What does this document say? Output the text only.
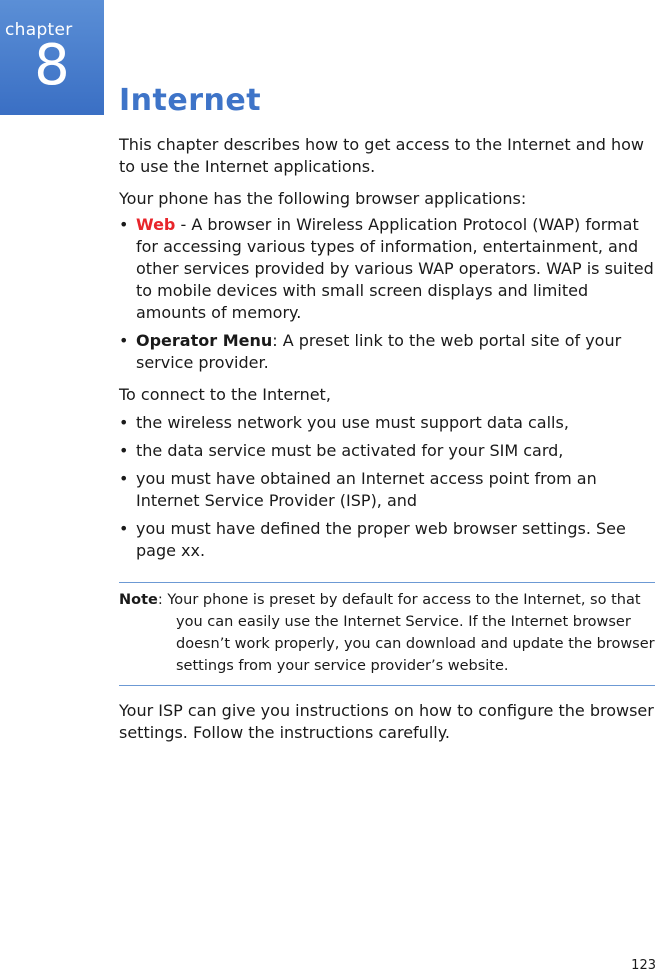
chapter
8
Internet

This chapter describes how to get access to the Internet and how to use the Internet applications.

Your phone has the following browser applications:

• Web - A browser in Wireless Application Protocol (WAP) format for accessing various types of information, entertainment, and other services provided by various WAP operators. WAP is suited to mobile devices with small screen displays and limited amounts of memory.
• Operator Menu: A preset link to the web portal site of your service provider.

To connect to the Internet,

• the wireless network you use must support data calls,
• the data service must be activated for your SIM card,
• you must have obtained an Internet access point from an Internet Service Provider (ISP), and
• you must have defined the proper web browser settings. See page xx.
Note: Your phone is preset by default for access to the Internet, so that you can easily use the Internet Service. If the Internet browser doesn’t work properly, you can download and update the browser settings from your service provider’s website.

Your ISP can give you instructions on how to configure the browser settings. Follow the instructions carefully.

123
